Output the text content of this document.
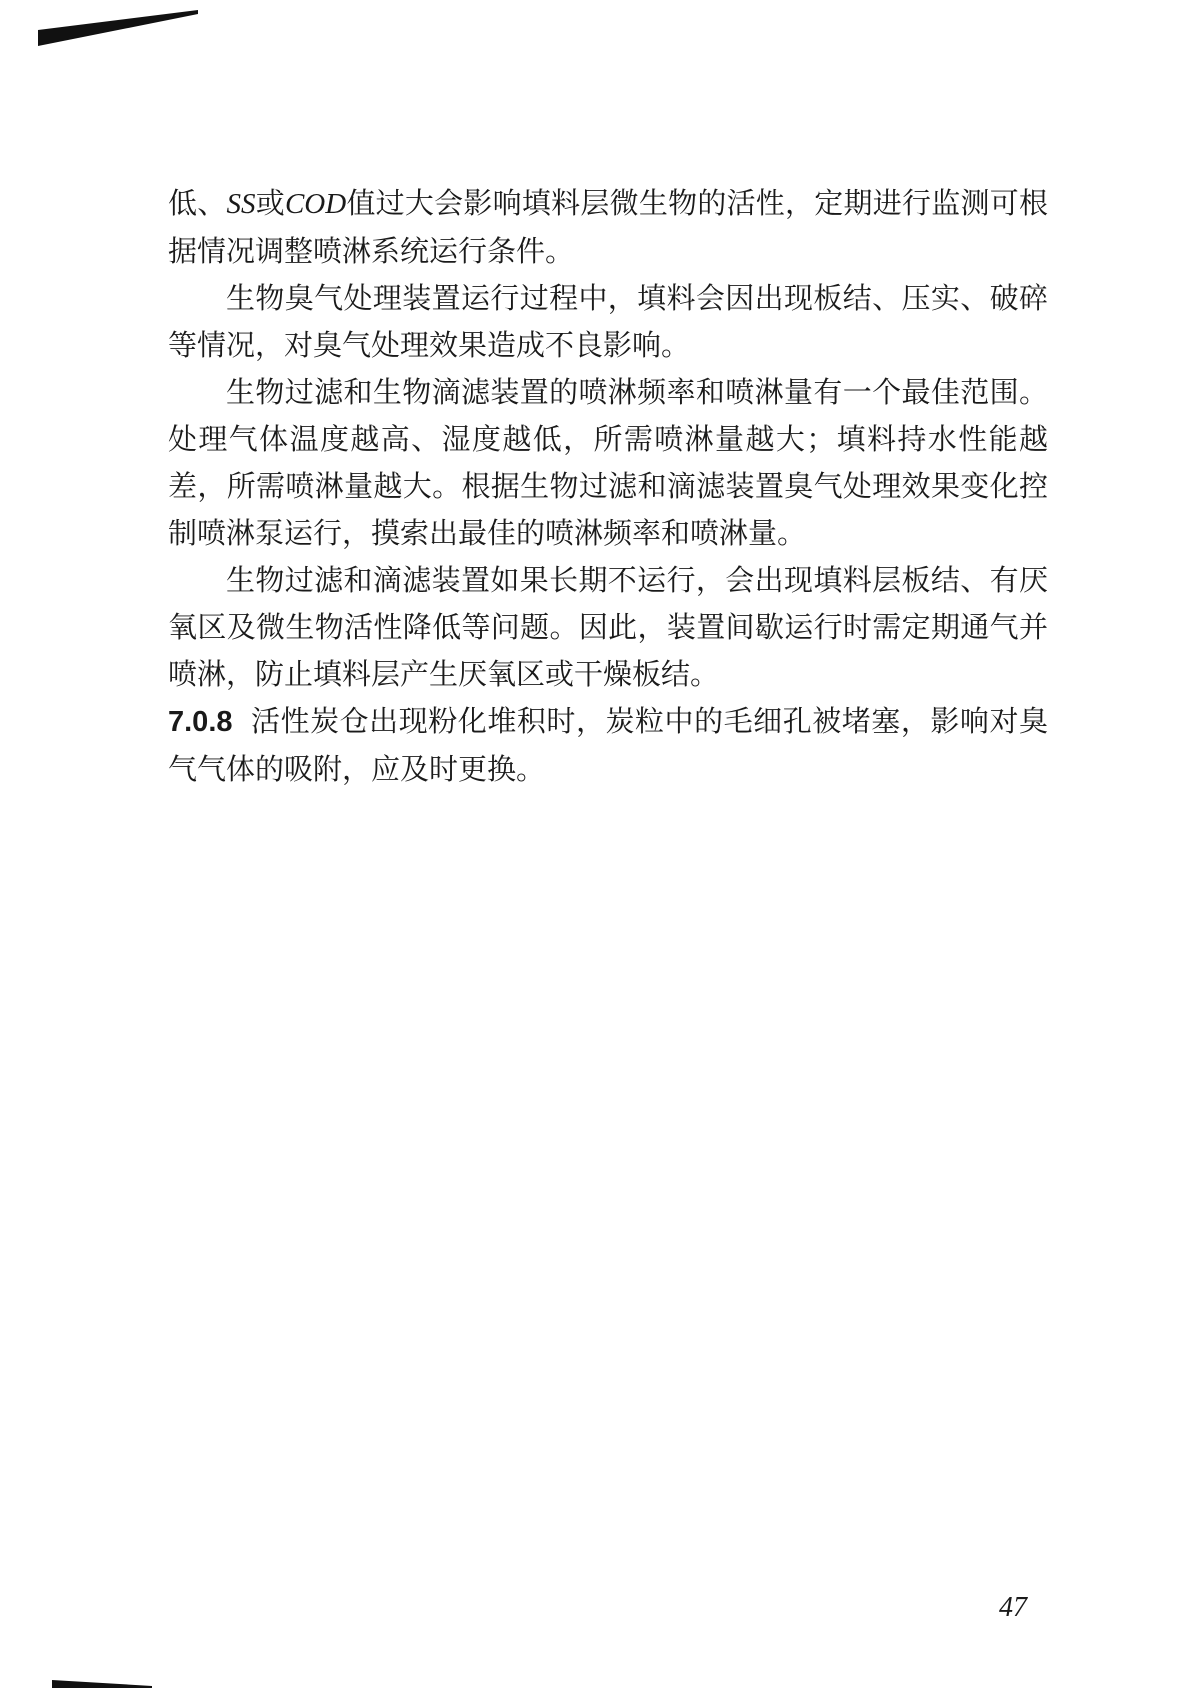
低、SS或COD值过大会影响填料层微生物的活性，定期进行监测可根据情况调整喷淋系统运行条件。

生物臭气处理装置运行过程中，填料会因出现板结、压实、破碎等情况，对臭气处理效果造成不良影响。

生物过滤和生物滴滤装置的喷淋频率和喷淋量有一个最佳范围。处理气体温度越高、湿度越低，所需喷淋量越大；填料持水性能越差，所需喷淋量越大。根据生物过滤和滴滤装置臭气处理效果变化控制喷淋泵运行，摸索出最佳的喷淋频率和喷淋量。

生物过滤和滴滤装置如果长期不运行，会出现填料层板结、有厌氧区及微生物活性降低等问题。因此，装置间歇运行时需定期通气并喷淋，防止填料层产生厌氧区或干燥板结。

7.0.8 活性炭仓出现粉化堆积时，炭粒中的毛细孔被堵塞，影响对臭气气体的吸附，应及时更换。

47
